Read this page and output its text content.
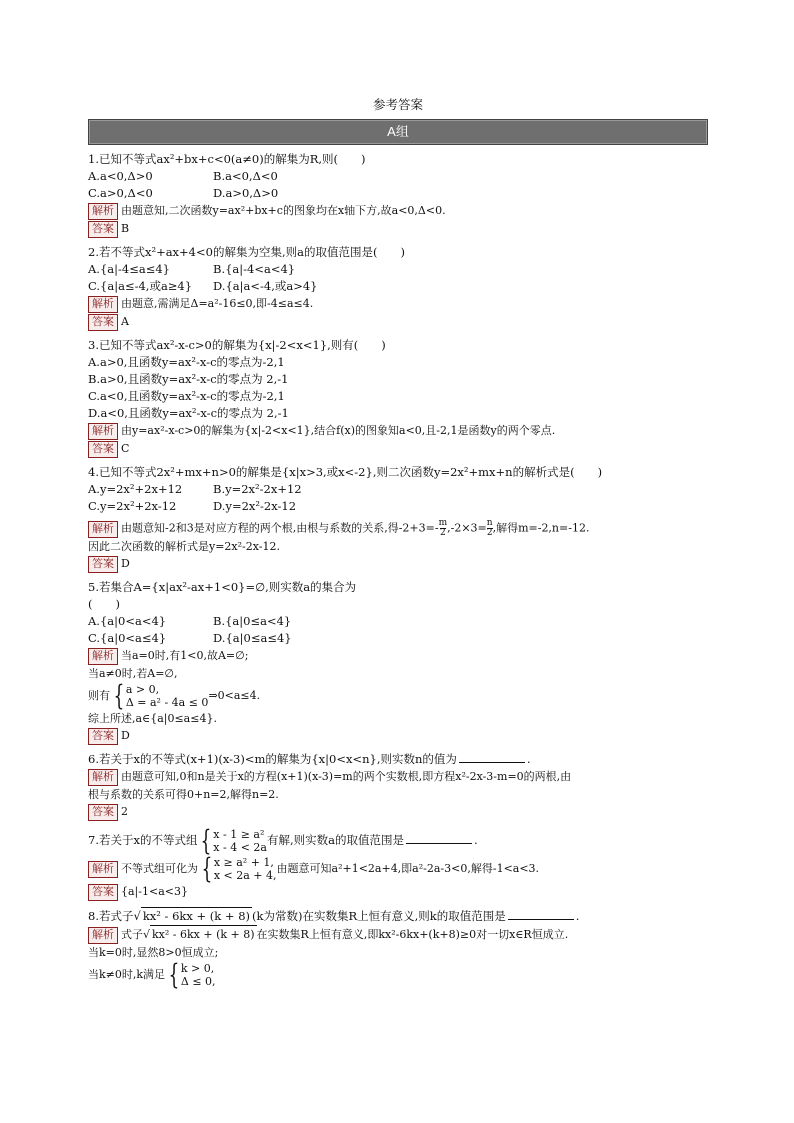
参考答案
A组
1.已知不等式ax²+bx+c<0(a≠0)的解集为R,则(　　)
A.a<0,Δ>0	B.a<0,Δ<0
C.a>0,Δ<0	D.a>0,Δ>0
解析 由题意知,二次函数y=ax²+bx+c的图象均在x轴下方,故a<0,Δ<0.
答案 B
2.若不等式x²+ax+4<0的解集为空集,则a的取值范围是(　　)
A.{a|-4≤a≤4}	B.{a|-4<a<4}
C.{a|a≤-4,或a≥4} D.{a|a<-4,或a>4}
解析 由题意,需满足Δ=a²-16≤0,即-4≤a≤4.
答案 A
3.已知不等式ax²-x-c>0的解集为{x|-2<x<1},则有(　　)
A.a>0,且函数y=ax²-x-c的零点为-2,1
B.a>0,且函数y=ax²-x-c的零点为 2,-1
C.a<0,且函数y=ax²-x-c的零点为-2,1
D.a<0,且函数y=ax²-x-c的零点为 2,-1
解析 由y=ax²-x-c>0的解集为{x|-2<x<1},结合f(x)的图象知a<0,且-2,1是函数y的两个零点.
答案 C
4.已知不等式2x²+mx+n>0的解集是{x|x>3,或x<-2},则二次函数y=2x²+mx+n的解析式是(　　)
A.y=2x²+2x+12	B.y=2x²-2x+12
C.y=2x²+2x-12	D.y=2x²-2x-12
解析 由题意知-2和3是对应方程的两个根,由根与系数的关系,得$-2+3=- \frac{m}{2} ,-2\times 3= \frac{n}{2}$ ,解得m=-2,n=-12.
因此二次函数的解析式是y=2x²-2x-12.
答案 D
5.若集合A={x|ax²-ax+1<0}=∅,则实数a的集合为
(　　)
A.{a|0<a<4}	B.{a|0≤a<4}
C.{a|0<a≤4}	D.{a|0≤a≤4}
解析 当a=0时,有1<0,故A=∅;
当a≠0时,若A=∅,
则有 { a > 0,
Δ = a² - 4a ≤ 0
⇒0<a≤4.
综上所述,a∈{a|0≤a≤4}.
答案 D
6.若关于x的不等式(x+1)(x-3)<m的解集为{x|0<x<n},则实数n的值为	.
解析 由题意可知,0和n是关于x的方程(x+1)(x-3)=m的两个实数根,即方程x²-2x-3-m=0的两根,由
根与系数的关系可得0+n=2,解得n=2.
答案 2
7.若关于x的不等式组 { x - 1 ≥ a²
x - 4 < 2a
有解,则实数a的取值范围是	.
解析 不等式组可化为 { x ≥ a² + 1,
x < 2a + 4,
由题意可知a²+1<2a+4,即a²-2a-3<0,解得-1<a<3.
答案 {a|-1<a<3}
8.若式子√ kx² - 6kx + (k + 8) (k为常数)在实数集R上恒有意义,则k的取值范围是	.
解析 式子√ kx² - 6kx + (k + 8) 在实数集R上恒有意义,即kx²-6kx+(k+8)≥0对一切x∈R恒成立.
当k=0时,显然8>0恒成立;
当k≠0时,k满足 { k > 0,
Δ ≤ 0,
